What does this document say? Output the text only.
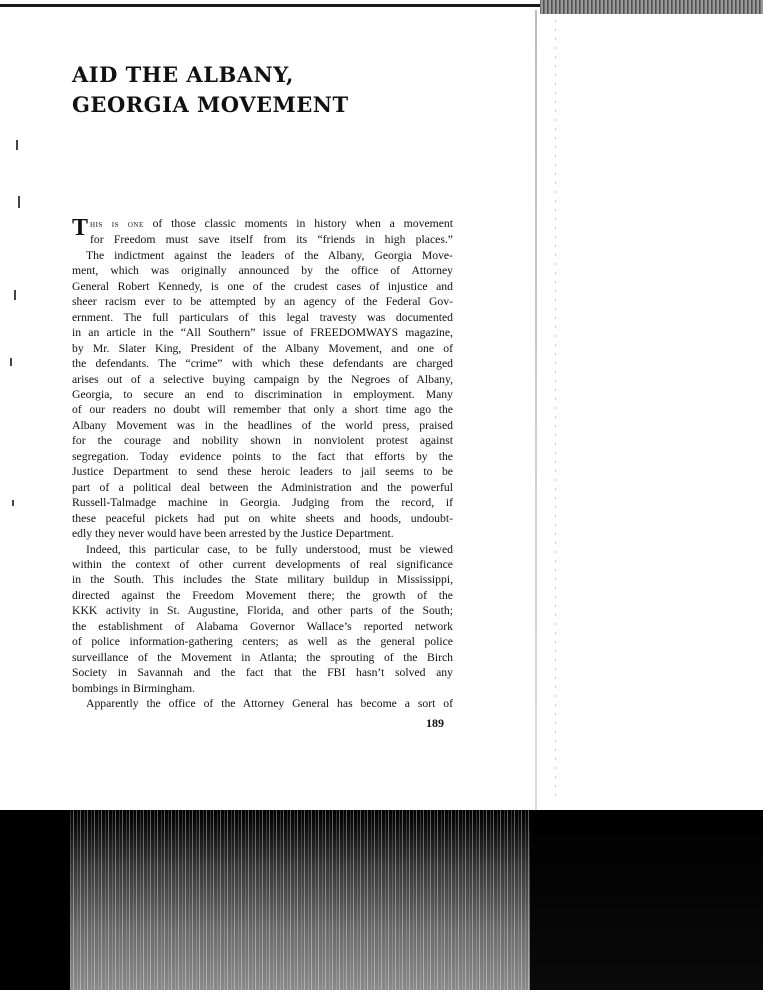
AID THE ALBANY,
GEORGIA MOVEMENT
This is one of those classic moments in history when a movement
for Freedom must save itself from its “friends in high places.”
The indictment against the leaders of the Albany, Georgia Move-
ment, which was originally announced by the office of Attorney
General Robert Kennedy, is one of the crudest cases of injustice and
sheer racism ever to be attempted by an agency of the Federal Gov-
ernment. The full particulars of this legal travesty was documented
in an article in the “All Southern” issue of FREEDOMWAYS magazine,
by Mr. Slater King, President of the Albany Movement, and one of
the defendants. The “crime” with which these defendants are charged
arises out of a selective buying campaign by the Negroes of Albany,
Georgia, to secure an end to discrimination in employment. Many
of our readers no doubt will remember that only a short time ago the
Albany Movement was in the headlines of the world press, praised
for the courage and nobility shown in nonviolent protest against
segregation. Today evidence points to the fact that efforts by the
Justice Department to send these heroic leaders to jail seems to be
part of a political deal between the Administration and the powerful
Russell-Talmadge machine in Georgia. Judging from the record, if
these peaceful pickets had put on white sheets and hoods, undoubt-
edly they never would have been arrested by the Justice Department.
Indeed, this particular case, to be fully understood, must be viewed
within the context of other current developments of real significance
in the South. This includes the State military buildup in Mississippi,
directed against the Freedom Movement there; the growth of the
KKK activity in St. Augustine, Florida, and other parts of the South;
the establishment of Alabama Governor Wallace’s reported network
of police information-gathering centers; as well as the general police
surveillance of the Movement in Atlanta; the sprouting of the Birch
Society in Savannah and the fact that the FBI hasn’t solved any
bombings in Birmingham.
Apparently the office of the Attorney General has become a sort of
189
